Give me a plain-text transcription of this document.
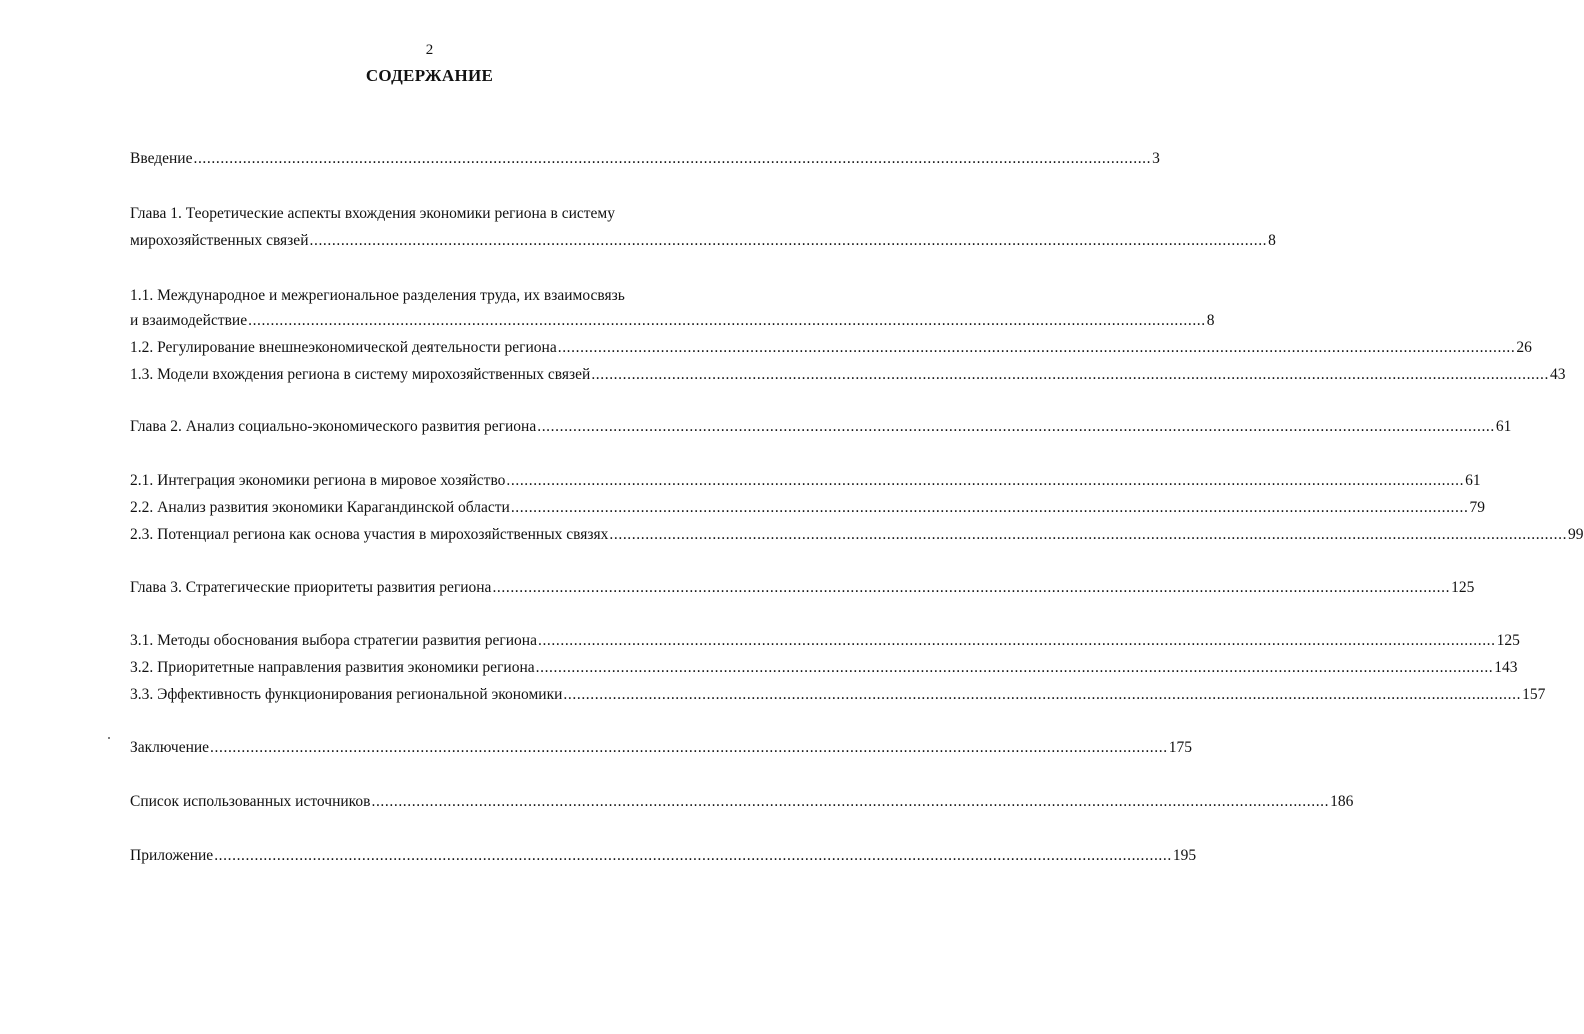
2
СОДЕРЖАНИЕ
Введение ...................................................................................................................................................................................................................... 3
Глава 1. Теоретические аспекты вхождения экономики региона в систему
мирохозяйственных связей ...................................................................................................................................................................................................................... 8
1.1. Международное и межрегиональное разделения труда, их взаимосвязь
и взаимодействие ...................................................................................................................................................................................................................... 8
1.2. Регулирование внешнеэкономической деятельности региона ...................................................................................................................................................................................................................... 26
1.3. Модели вхождения региона в систему мирохозяйственных связей ...................................................................................................................................................................................................................... 43
Глава 2. Анализ социально-экономического развития региона ...................................................................................................................................................................................................................... 61
2.1. Интеграция экономики региона в мировое хозяйство ...................................................................................................................................................................................................................... 61
2.2. Анализ развития экономики Карагандинской области ...................................................................................................................................................................................................................... 79
2.3. Потенциал региона как основа участия в мирохозяйственных связях ...................................................................................................................................................................................................................... 99
Глава 3. Стратегические приоритеты развития региона ...................................................................................................................................................................................................................... 125
3.1. Методы обоснования выбора стратегии развития региона ...................................................................................................................................................................................................................... 125
3.2. Приоритетные направления развития экономики региона ...................................................................................................................................................................................................................... 143
3.3. Эффективность функционирования региональной экономики ...................................................................................................................................................................................................................... 157
Заключение ...................................................................................................................................................................................................................... 175
Список использованных источников ...................................................................................................................................................................................................................... 186
Приложение ...................................................................................................................................................................................................................... 195
